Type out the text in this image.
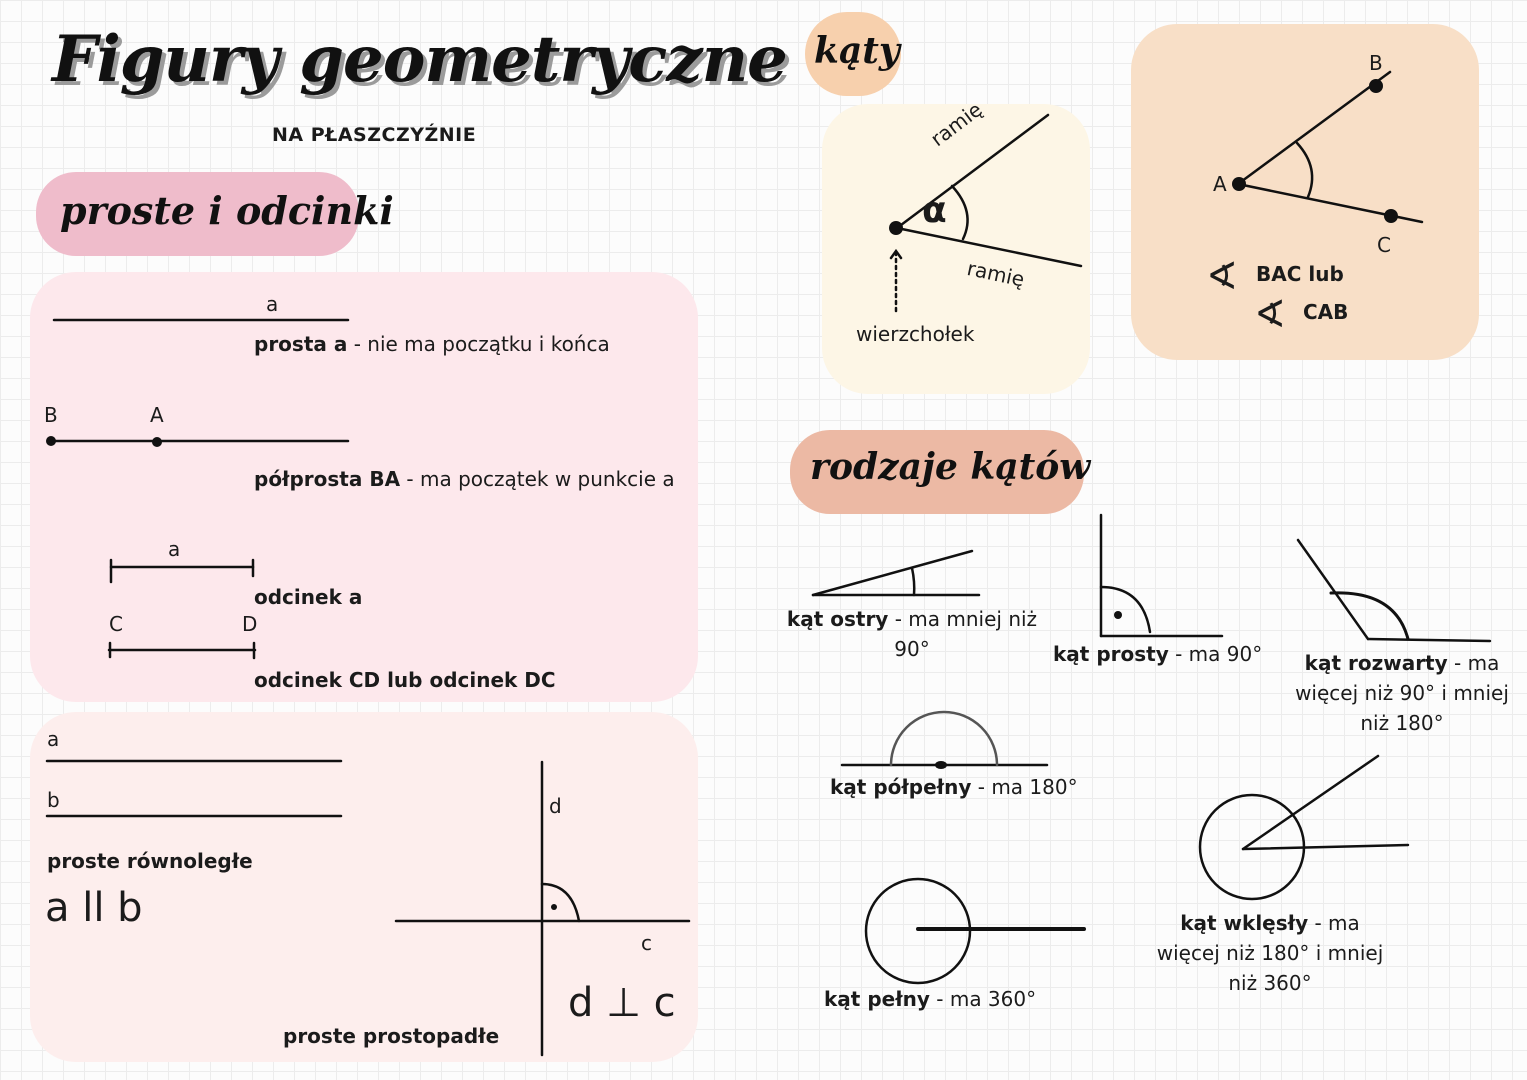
Figury geometryczne
NA PŁASZCZYŹNIE
proste i odcinki
kąty
rodzaje kątów
a
prosta a - nie ma początku i końca
B	A
półprosta BA - ma początek w punkcie a
a
odcinek a
C	D
odcinek CD lub odcinek DC
a
b
proste równoległe
a ll b
d
c
d ⊥ c
proste prostopadłe
ramię
ramię
α
wierzchołek
B
A
C
∢ BAC lub
∢ CAB
kąt ostry - ma mniej niż
90°	kąt prosty - ma 90°	kąt rozwarty - ma
więcej niż 90° i mniej
niż 180°
kąt półpełny - ma 180°
kąt pełny - ma 360°
kąt wklęsły - ma
więcej niż 180° i mniej
niż 360°
